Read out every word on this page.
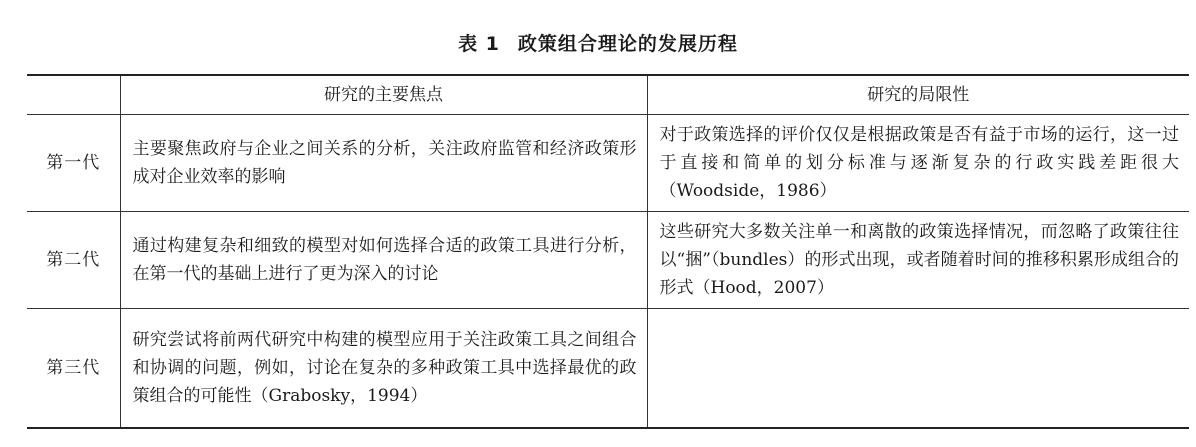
表 1 政策组合理论的发展历程
	研究的主要焦点	研究的局限性
第一代	主要聚焦政府与企业之间关系的分析，关注政府监管和经济政策形成对企业效率的影响	对于政策选择的评价仅仅是根据政策是否有益于市场的运行，这一过于直接和简单的划分标准与逐渐复杂的行政实践差距很大（Woodside，1986）
第二代	通过构建复杂和细致的模型对如何选择合适的政策工具进行分析，在第一代的基础上进行了更为深入的讨论	这些研究大多数关注单一和离散的政策选择情况，而忽略了政策往往以“捆”（bundles）的形式出现，或者随着时间的推移积累形成组合的形式（Hood，2007）
第三代	研究尝试将前两代研究中构建的模型应用于关注政策工具之间组合和协调的问题，例如，讨论在复杂的多种政策工具中选择最优的政策组合的可能性（Grabosky，1994）	
